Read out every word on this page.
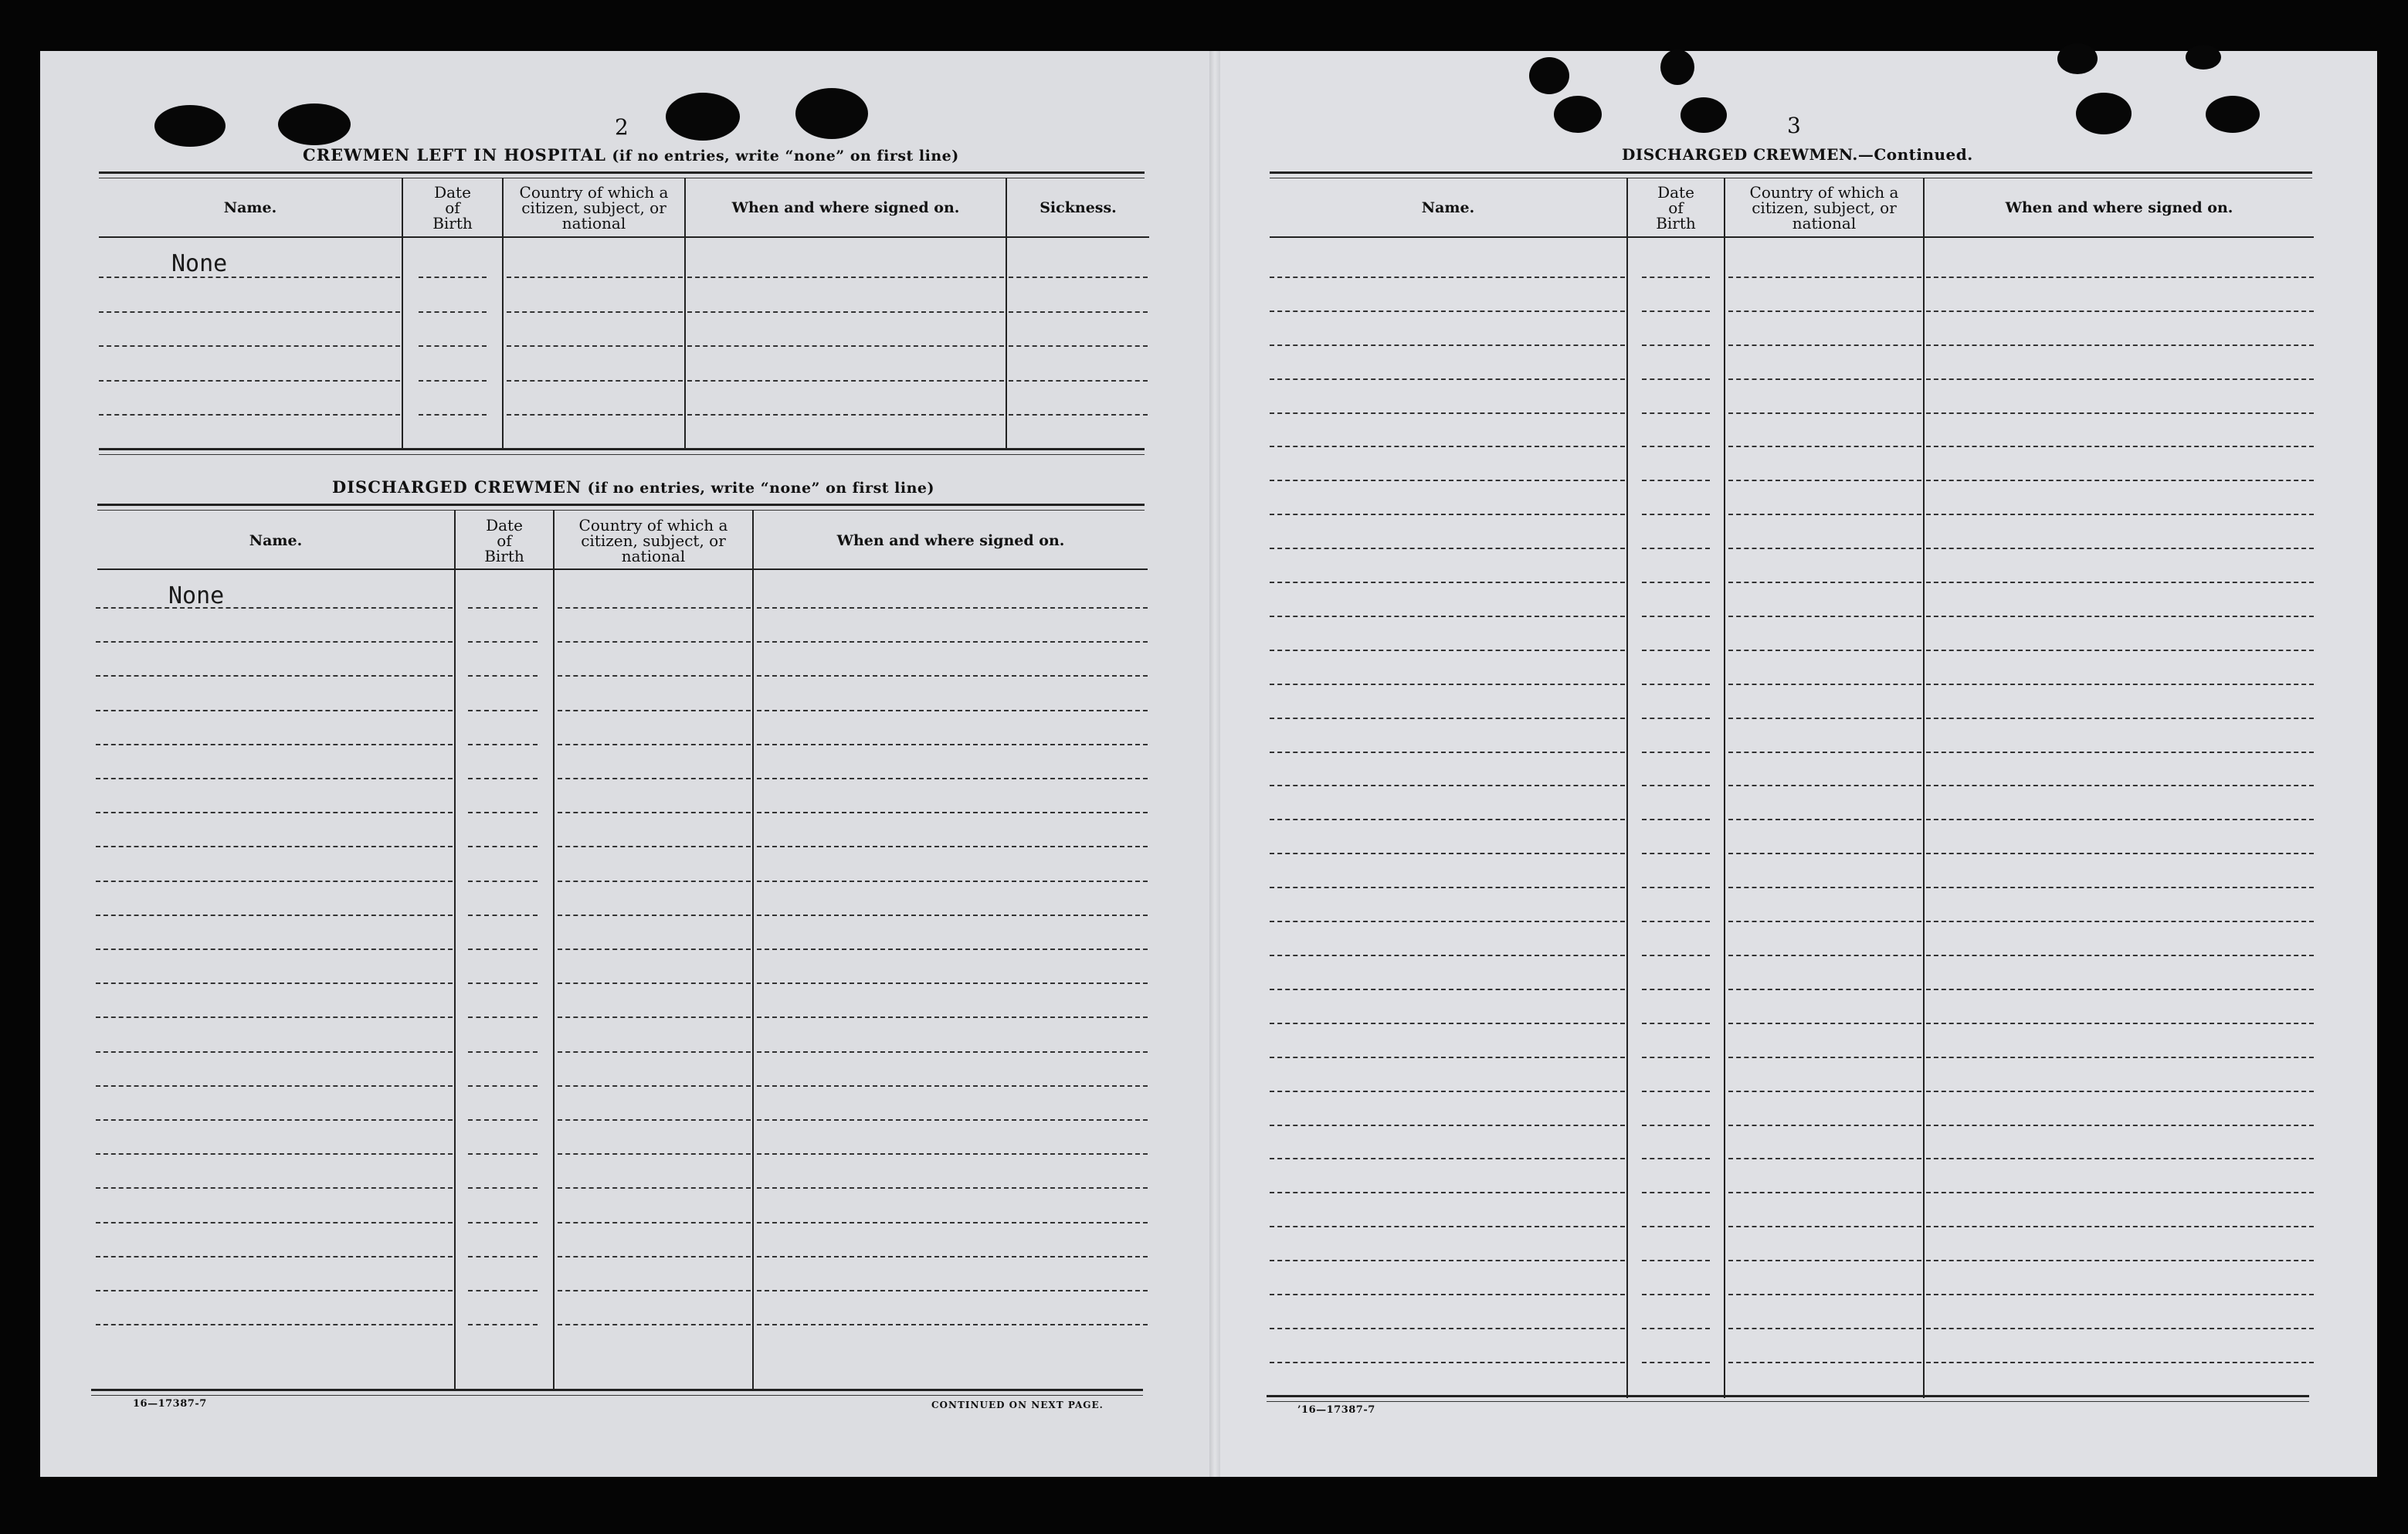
2
CREWMEN LEFT IN HOSPITAL (if no entries, write “none” on first line)
Name.
Date
of
Birth
Country of which a
citizen, subject, or
national
When and where signed on.	Sickness.
None
DISCHARGED CREWMEN (if no entries, write “none” on first line)
Name.
Date
of
Birth
Country of which a
citizen, subject, or
national
When and where signed on.
None
16—17387-7	CONTINUED ON NEXT PAGE.
3
DISCHARGED CREWMEN.—Continued.
Name.
Date
of
Birth
Country of which a
citizen, subject, or
national
When and where signed on.
’16—17387-7
